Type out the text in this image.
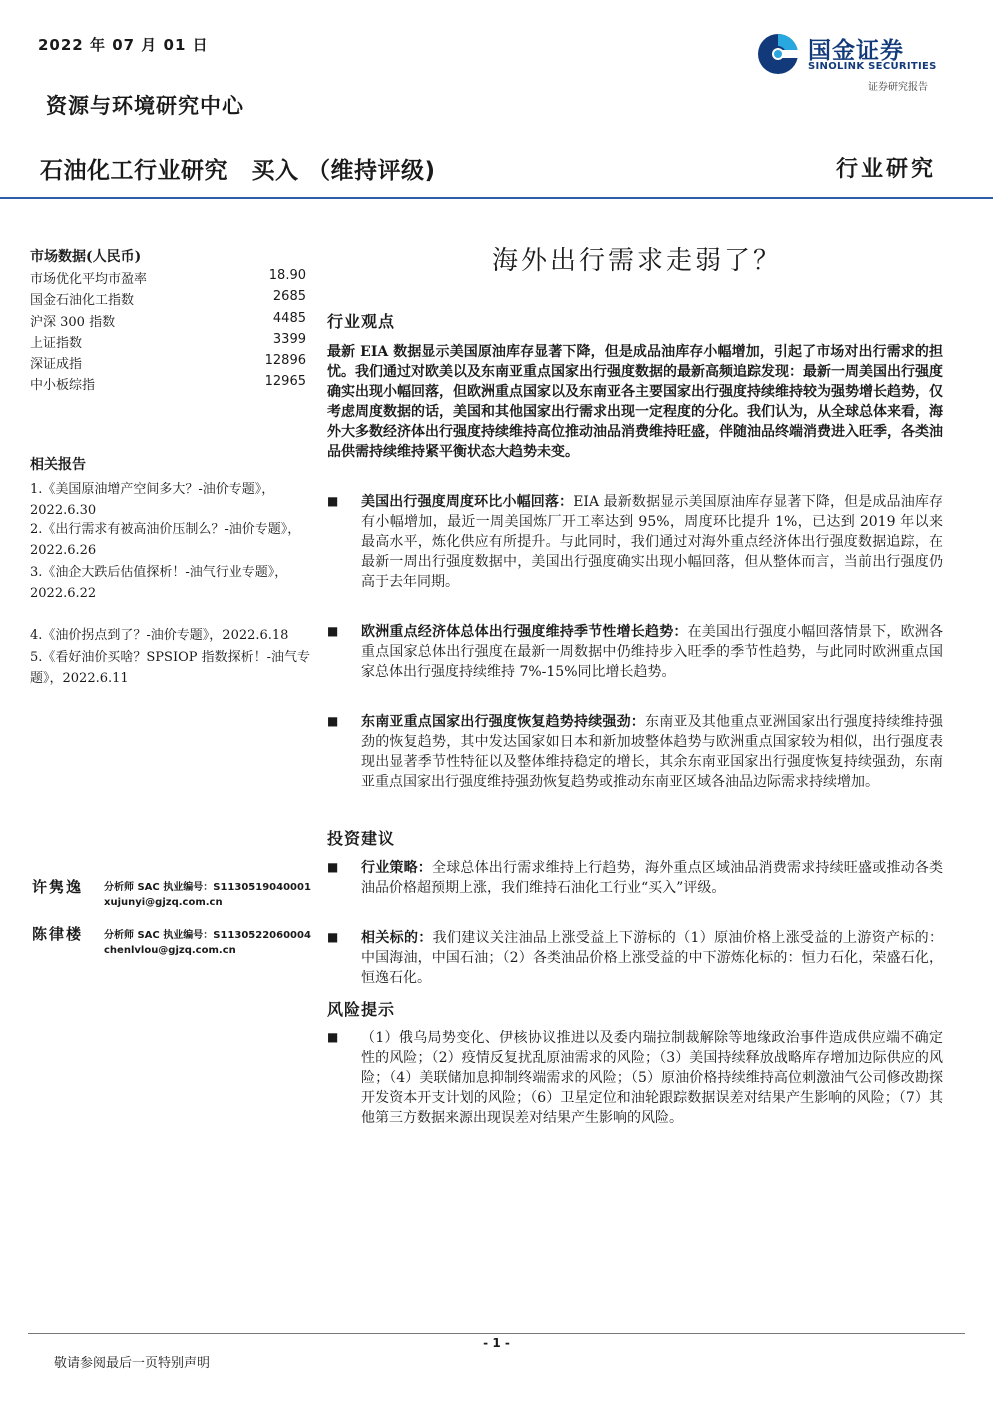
2022 年 07 月 01 日	国金证券
SINOLINK SECURITIES
证券研究报告
资源与环境研究中心
石油化工行业研究　买入 （维持评级)	行业研究
市场数据(人民币)
市场优化平均市盈率	18.90
国金石油化工指数	2685
沪深 300 指数	4485
上证指数	3399
深证成指	12896
中小板综指	12965
相关报告
1.《美国原油增产空间多大？-油价专题》，2022.6.30
2.《出行需求有被高油价压制么？-油价专题》，2022.6.26
3.《油企大跌后估值探析！-油气行业专题》，2022.6.22
4.《油价拐点到了？-油价专题》，2022.6.18
5.《看好油价买啥？SPSIOP 指数探析！-油气专题》，2022.6.11
许隽逸 分析师 SAC 执业编号：S1130519040001
xujunyi@gjzq.com.cn
陈律楼 分析师 SAC 执业编号：S1130522060004
chenlvlou@gjzq.com.cn
海外出行需求走弱了？
行业观点
最新 EIA 数据显示美国原油库存显著下降，但是成品油库存小幅增加，引起了市场对出行需求的担忧。我们通过对欧美以及东南亚重点国家出行强度数据的最新高频追踪发现：最新一周美国出行强度确实出现小幅回落，但欧洲重点国家以及东南亚各主要国家出行强度持续维持较为强势增长趋势，仅考虑周度数据的话，美国和其他国家出行需求出现一定程度的分化。我们认为，从全球总体来看，海外大多数经济体出行强度持续维持高位推动油品消费维持旺盛，伴随油品终端消费进入旺季，各类油品供需持续维持紧平衡状态大趋势未变。
■ 美国出行强度周度环比小幅回落：EIA 最新数据显示美国原油库存显著下降，但是成品油库存有小幅增加，最近一周美国炼厂开工率达到 95%，周度环比提升 1%，已达到 2019 年以来最高水平，炼化供应有所提升。与此同时，我们通过对海外重点经济体出行强度数据追踪，在最新一周出行强度数据中，美国出行强度确实出现小幅回落，但从整体而言，当前出行强度仍高于去年同期。
■ 欧洲重点经济体总体出行强度维持季节性增长趋势：在美国出行强度小幅回落情景下，欧洲各重点国家总体出行强度在最新一周数据中仍维持步入旺季的季节性趋势，与此同时欧洲重点国家总体出行强度持续维持 7%-15%同比增长趋势。
■ 东南亚重点国家出行强度恢复趋势持续强劲：东南亚及其他重点亚洲国家出行强度持续维持强劲的恢复趋势，其中发达国家如日本和新加坡整体趋势与欧洲重点国家较为相似，出行强度表现出显著季节性特征以及整体维持稳定的增长，其余东南亚国家出行强度恢复持续强劲，东南亚重点国家出行强度维持强劲恢复趋势或推动东南亚区域各油品边际需求持续增加。
投资建议
■ 行业策略：全球总体出行需求维持上行趋势，海外重点区域油品消费需求持续旺盛或推动各类油品价格超预期上涨，我们维持石油化工行业“买入”评级。
■ 相关标的：我们建议关注油品上涨受益上下游标的（1）原油价格上涨受益的上游资产标的：中国海油，中国石油；（2）各类油品价格上涨受益的中下游炼化标的：恒力石化，荣盛石化，恒逸石化。
风险提示
■ （1）俄乌局势变化、伊核协议推进以及委内瑞拉制裁解除等地缘政治事件造成供应端不确定性的风险；（2）疫情反复扰乱原油需求的风险；（3）美国持续释放战略库存增加边际供应的风险；（4）美联储加息抑制终端需求的风险；（5）原油价格持续维持高位刺激油气公司修改勘探开发资本开支计划的风险；（6）卫星定位和油轮跟踪数据误差对结果产生影响的风险；（7）其他第三方数据来源出现误差对结果产生影响的风险。
- 1 -
敬请参阅最后一页特别声明
